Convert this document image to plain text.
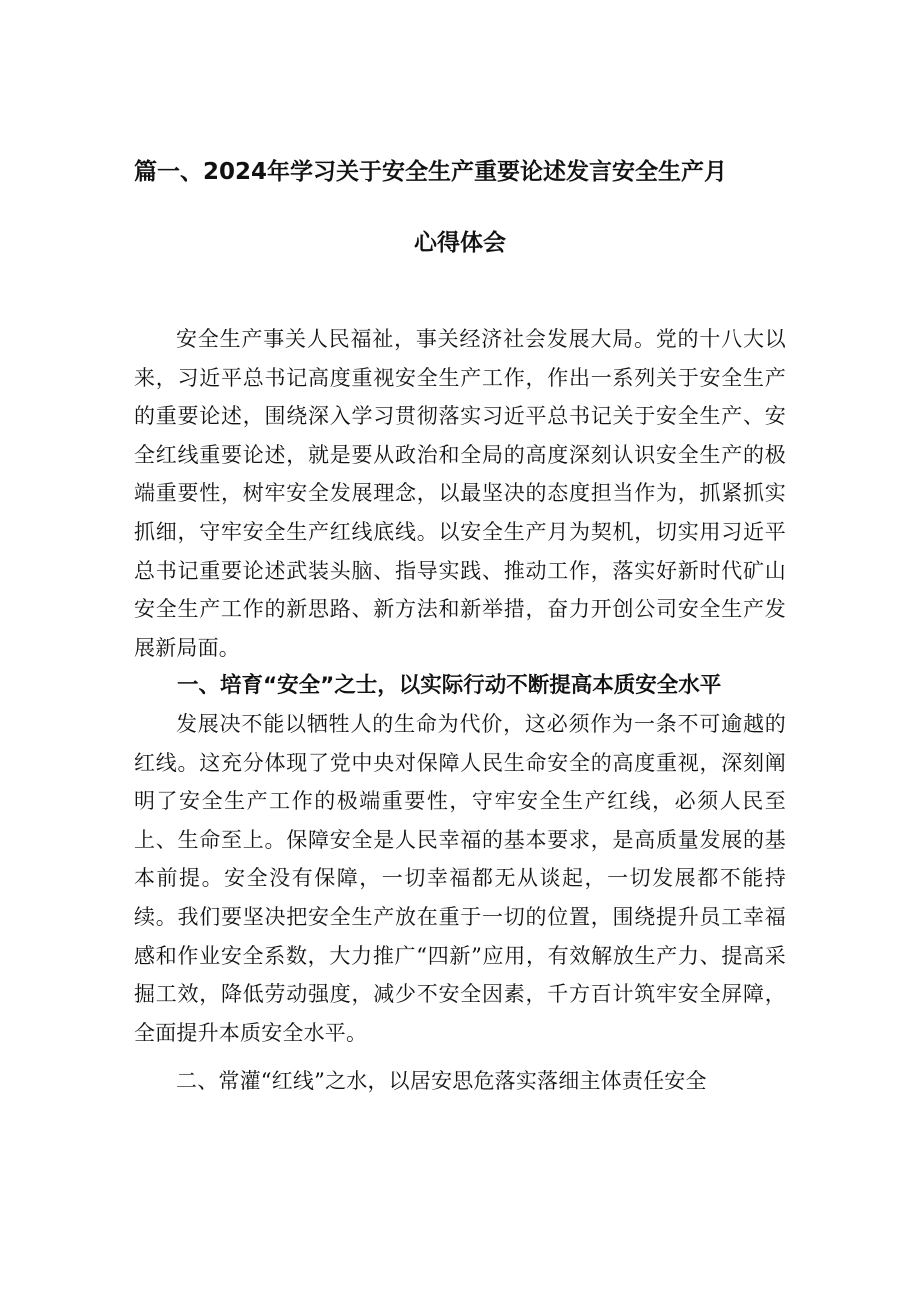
篇一、2024年学习关于安全生产重要论述发言安全生产月
心得体会

安全生产事关人民福祉，事关经济社会发展大局。党的十八大以来，习近平总书记高度重视安全生产工作，作出一系列关于安全生产的重要论述，围绕深入学习贯彻落实习近平总书记关于安全生产、安全红线重要论述，就是要从政治和全局的高度深刻认识安全生产的极端重要性，树牢安全发展理念，以最坚决的态度担当作为，抓紧抓实抓细，守牢安全生产红线底线。以安全生产月为契机，切实用习近平总书记重要论述武装头脑、指导实践、推动工作，落实好新时代矿山安全生产工作的新思路、新方法和新举措，奋力开创公司安全生产发展新局面。

一、培育“安全”之士，以实际行动不断提高本质安全水平

发展决不能以牺牲人的生命为代价，这必须作为一条不可逾越的红线。这充分体现了党中央对保障人民生命安全的高度重视，深刻阐明了安全生产工作的极端重要性，守牢安全生产红线，必须人民至上、生命至上。保障安全是人民幸福的基本要求，是高质量发展的基本前提。安全没有保障，一切幸福都无从谈起，一切发展都不能持续。我们要坚决把安全生产放在重于一切的位置，围绕提升员工幸福感和作业安全系数，大力推广“四新”应用，有效解放生产力、提高采掘工效，降低劳动强度，减少不安全因素，千方百计筑牢安全屏障，全面提升本质安全水平。

二、常灌“红线”之水，以居安思危落实落细主体责任安全
